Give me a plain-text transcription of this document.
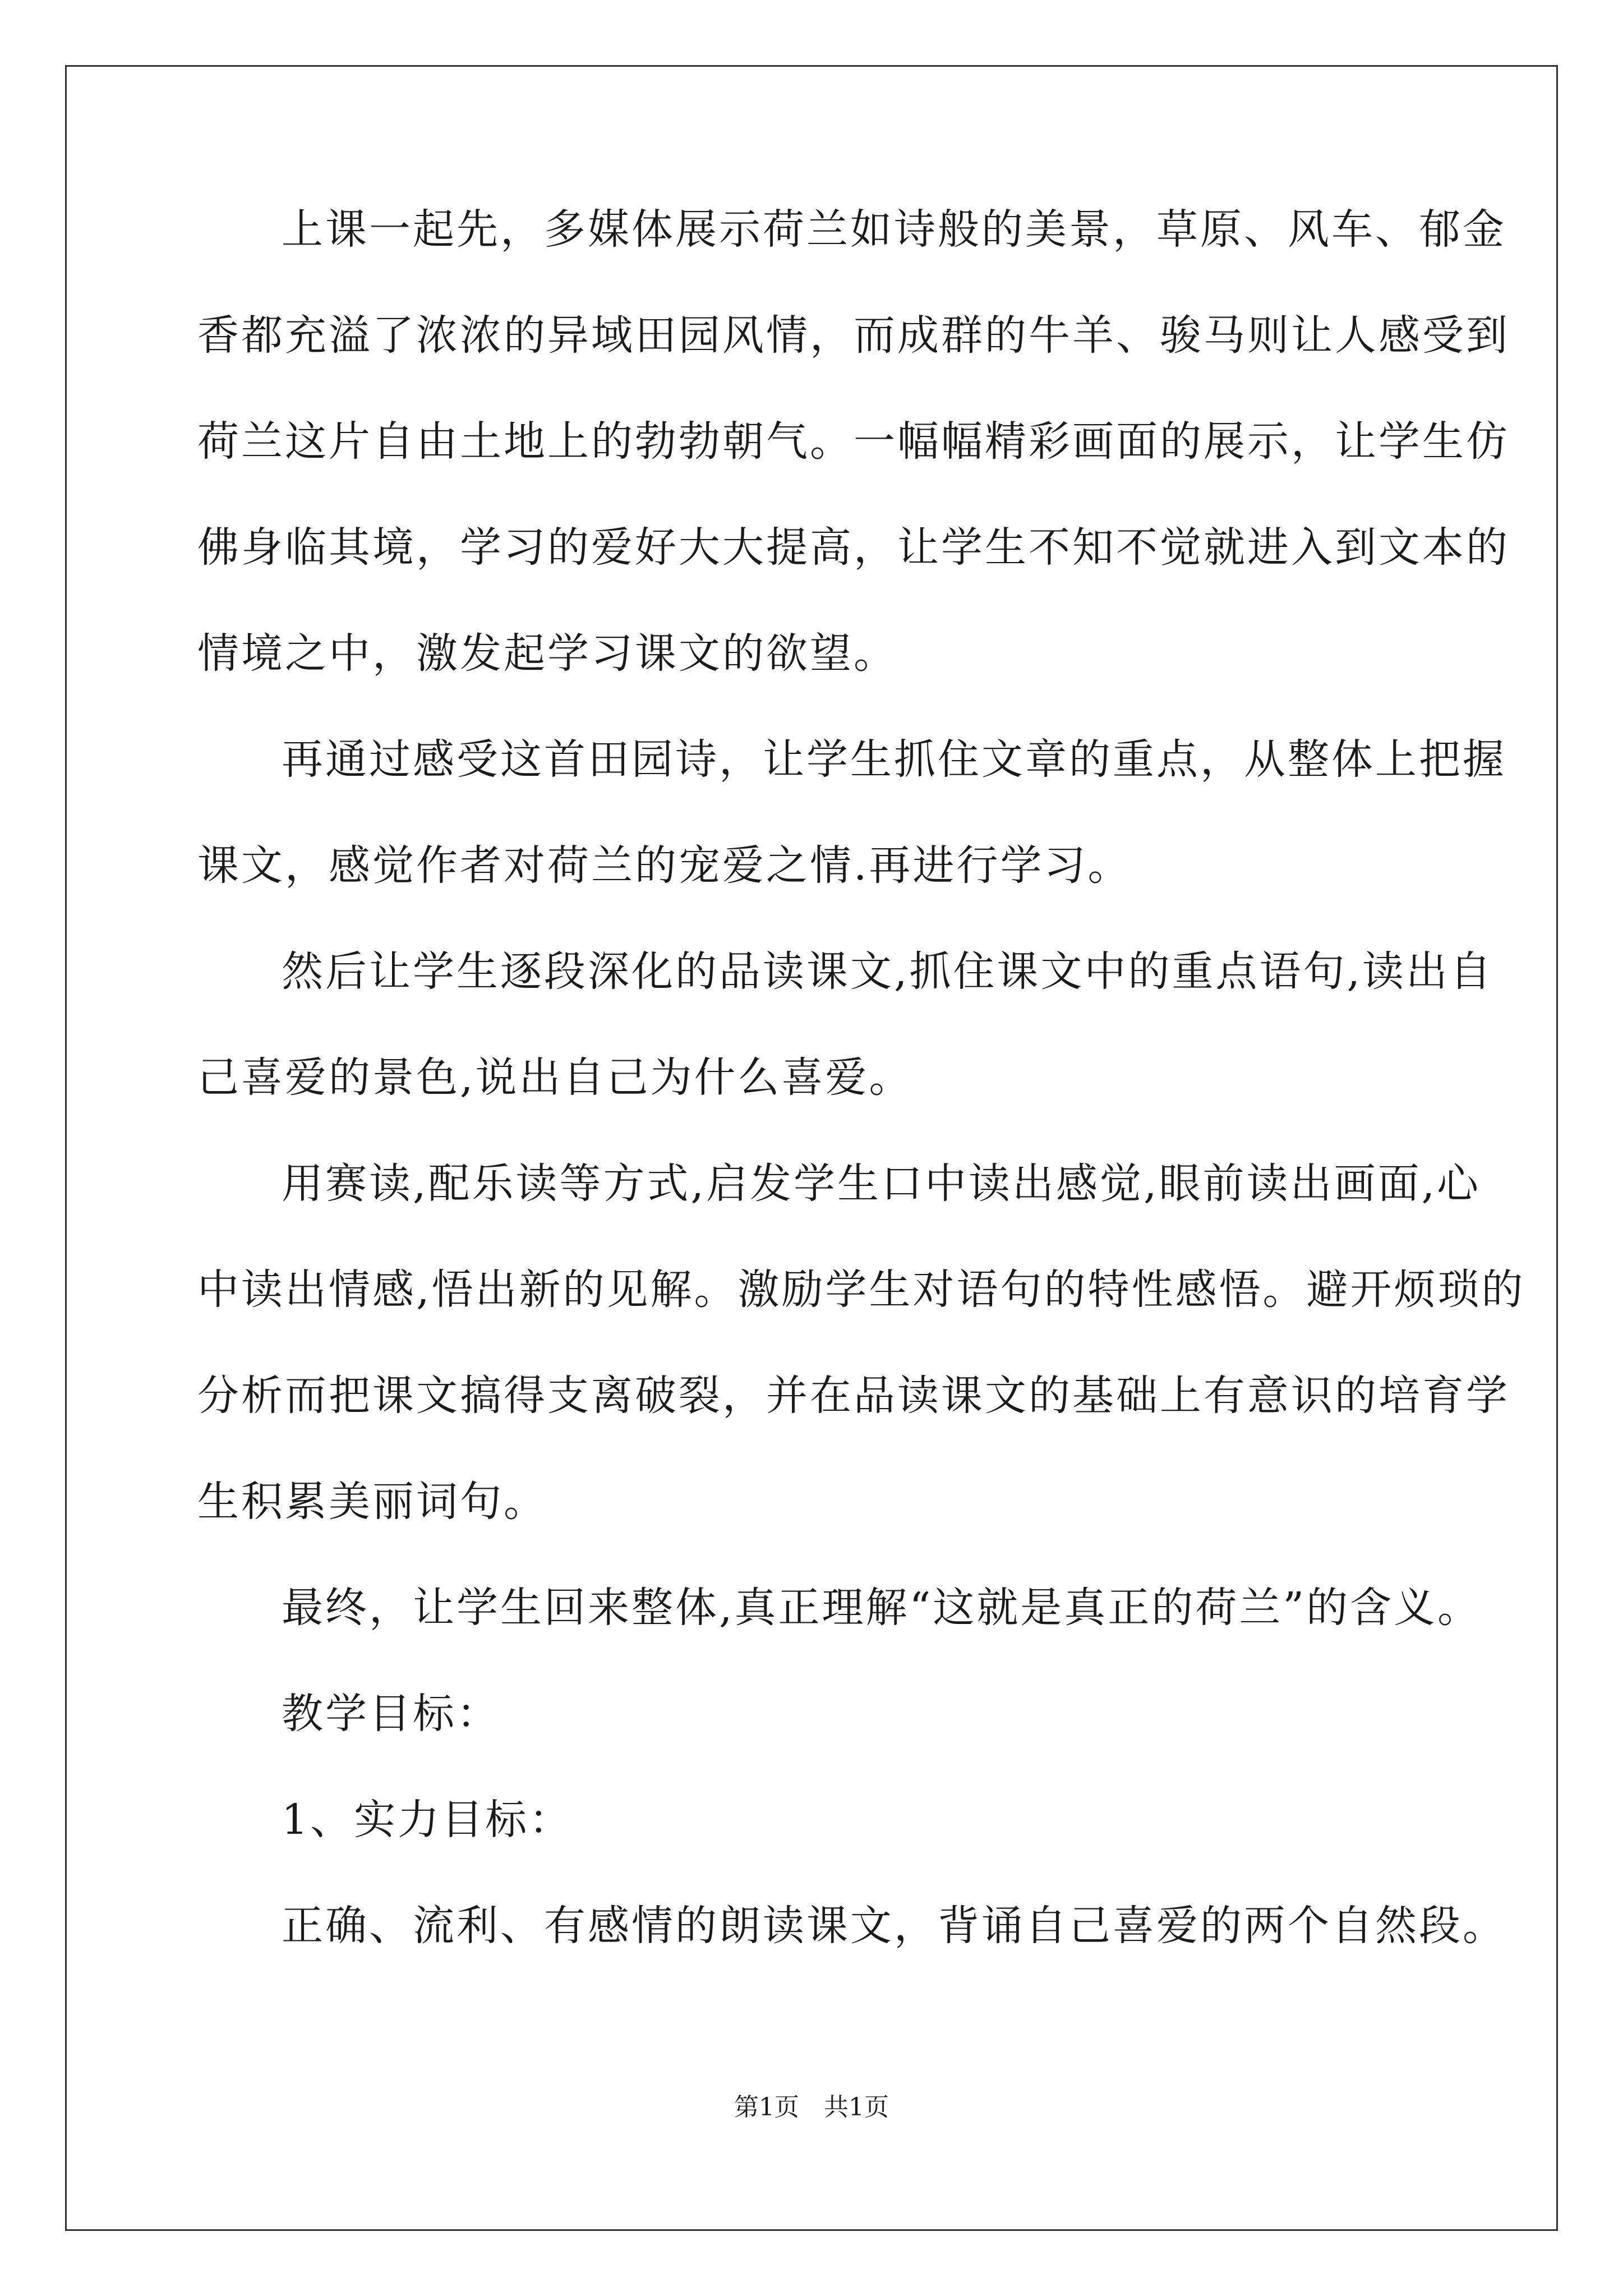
上课一起先，多媒体展示荷兰如诗般的美景，草原、风车、郁金
香都充溢了浓浓的异域田园风情，而成群的牛羊、骏马则让人感受到
荷兰这片自由土地上的勃勃朝气。一幅幅精彩画面的展示，让学生仿
佛身临其境，学习的爱好大大提高，让学生不知不觉就进入到文本的
情境之中，激发起学习课文的欲望。
再通过感受这首田园诗，让学生抓住文章的重点，从整体上把握
课文，感觉作者对荷兰的宠爱之情.再进行学习。
然后让学生逐段深化的品读课文,抓住课文中的重点语句,读出自
己喜爱的景色,说出自己为什么喜爱。
用赛读,配乐读等方式,启发学生口中读出感觉,眼前读出画面,心
中读出情感,悟出新的见解。激励学生对语句的特性感悟。避开烦琐的
分析而把课文搞得支离破裂，并在品读课文的基础上有意识的培育学
生积累美丽词句。
最终，让学生回来整体,真正理解“这就是真正的荷兰”的含义。
教学目标：
1、实力目标：
正确、流利、有感情的朗读课文，背诵自己喜爱的两个自然段。
第1页　共1页
